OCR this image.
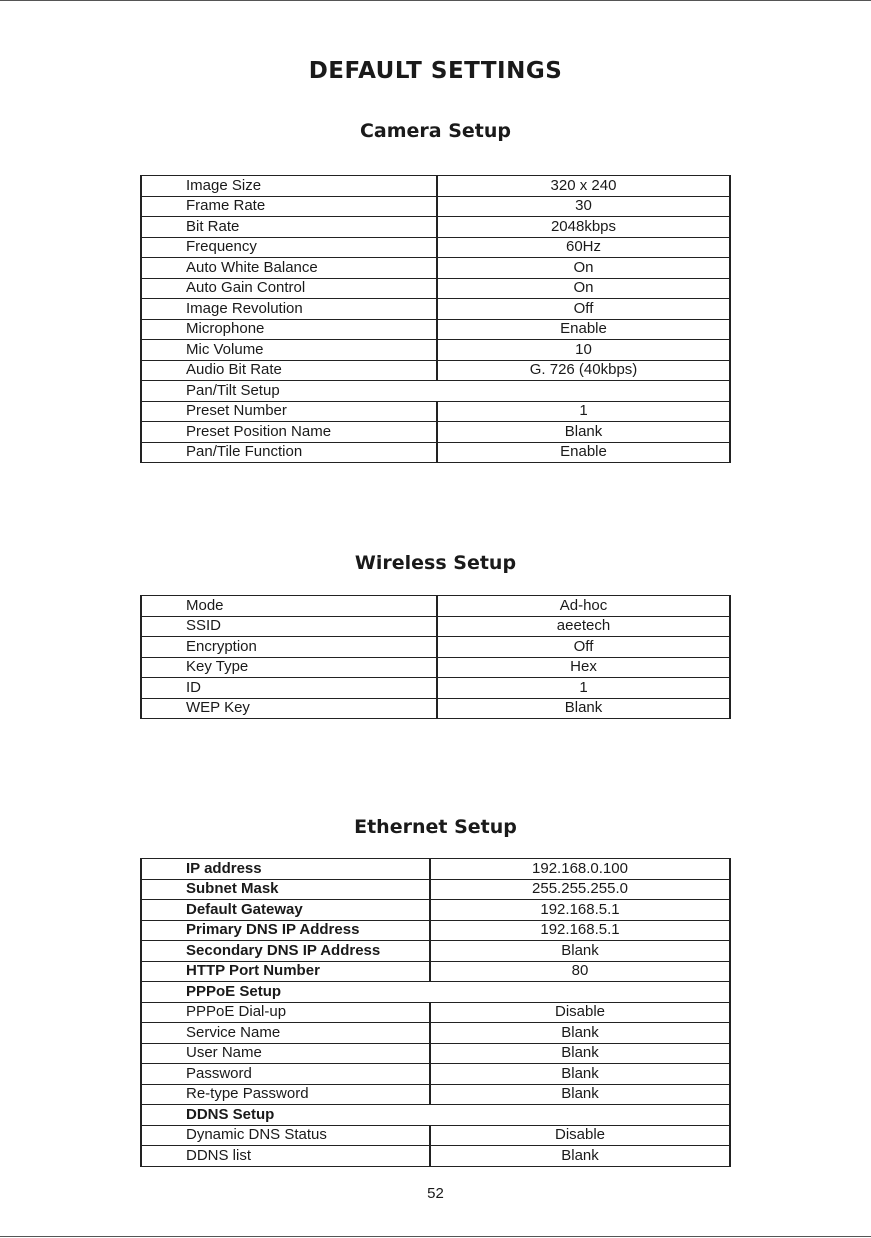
DEFAULT SETTINGS
Camera Setup
Image Size	320 x 240
Frame Rate	30
Bit Rate	2048kbps
Frequency	60Hz
Auto White Balance	On
Auto Gain Control	On
Image Revolution	Off
Microphone	Enable
Mic Volume	10
Audio Bit Rate	G. 726 (40kbps)
Pan/Tilt Setup	
Preset Number	1
Preset Position Name	Blank
Pan/Tile Function	Enable
Wireless Setup
Mode	Ad-hoc
SSID	aeetech
Encryption	Off
Key Type	Hex
ID	1
WEP Key	Blank
Ethernet Setup
IP address	192.168.0.100
Subnet Mask	255.255.255.0
Default Gateway	192.168.5.1
Primary DNS IP Address	192.168.5.1
Secondary DNS IP Address	Blank
HTTP Port Number	80
PPPoE Setup	
PPPoE Dial-up	Disable
Service Name	Blank
User Name	Blank
Password	Blank
Re-type Password	Blank
DDNS Setup	
Dynamic DNS Status	Disable
DDNS list	Blank
52
